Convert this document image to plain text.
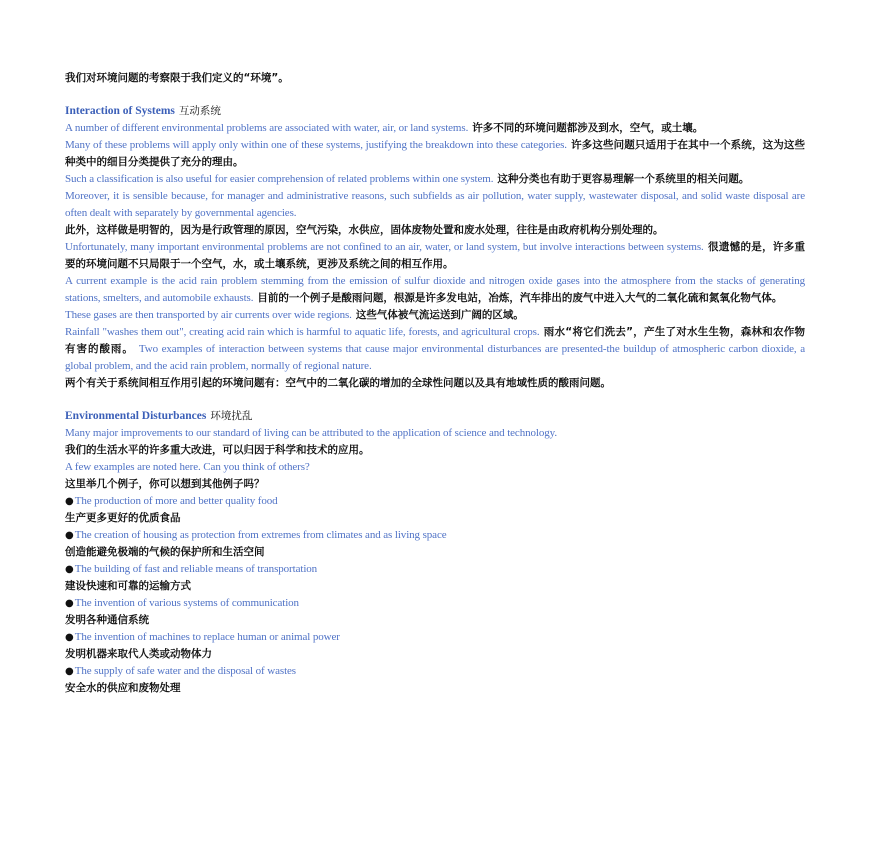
我们对环境问题的考察限于我们定义的“环境”。

Interaction of Systems 互动系统

A number of different environmental problems are associated with water, air, or land systems. 许多不同的环境问题都涉及到水，空气，或土壤。

Many of these problems will apply only within one of these systems, justifying the breakdown into these categories. 许多这些问题只适用于在其中一个系统，这为这些种类中的细目分类提供了充分的理由。

Such a classification is also useful for easier comprehension of related problems within one system. 这种分类也有助于更容易理解一个系统里的相关问题。

Moreover, it is sensible because, for manager and administrative reasons, such subfields as air pollution, water supply, wastewater disposal, and solid waste disposal are often dealt with separately by governmental agencies.

此外，这样做是明智的，因为是行政管理的原因，空气污染，水供应，固体废物处置和废水处理，往往是由政府机构分别处理的。

Unfortunately, many important environmental problems are not confined to an air, water, or land system, but involve interactions between systems. 很遗憾的是，许多重要的环境问题不只局限于一个空气，水，或土壤系统，更涉及系统之间的相互作用。

A current example is the acid rain problem stemming from the emission of sulfur dioxide and nitrogen oxide gases into the atmosphere from the stacks of generating stations, smelters, and automobile exhausts. 目前的一个例子是酸雨问题，根源是许多发电站，冶炼，汽车排出的废气中进入大气的二氧化硫和氮氧化物气体。

These gases are then transported by air currents over wide regions. 这些气体被气流运送到广阔的区域。

Rainfall "washes them out", creating acid rain which is harmful to aquatic life, forests, and agricultural crops. 雨水“将它们洗去”，产生了对水生生物，森林和农作物有害的酸雨。 Two examples of interaction between systems that cause major environmental disturbances are presented-the buildup of atmospheric carbon dioxide, a global problem, and the acid rain problem, normally of regional nature.

两个有关于系统间相互作用引起的环境问题有：空气中的二氧化碳的增加的全球性问题以及具有地域性质的酸雨问题。

Environmental Disturbances 环境扰乱

Many major improvements to our standard of living can be attributed to the application of science and technology.

我们的生活水平的许多重大改进，可以归因于科学和技术的应用。

A few examples are noted here. Can you think of others?

这里举几个例子，你可以想到其他例子吗？

●The production of more and better quality food

生产更多更好的优质食品

●The creation of housing as protection from extremes from climates and as living space

创造能避免极端的气候的保护所和生活空间

●The building of fast and reliable means of transportation

建设快速和可靠的运输方式

●The invention of various systems of communication

发明各种通信系统

●The invention of machines to replace human or animal power

发明机器来取代人类或动物体力

●The supply of safe water and the disposal of wastes

安全水的供应和废物处理
